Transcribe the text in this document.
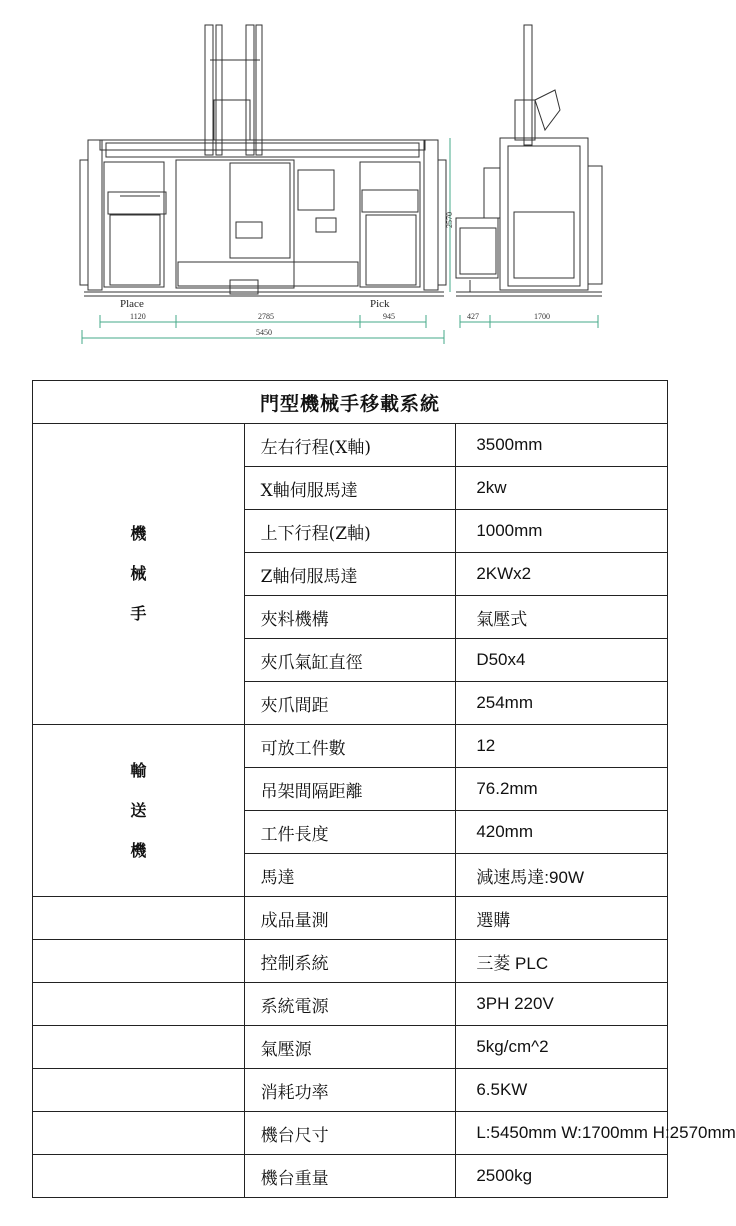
Place	Pick
1120	2785	945
5450
2570
427	1700
門型機械手移載系統		

機
械
手	左右行程(X軸)	3500mm
	X軸伺服馬達	2kw
	上下行程(Z軸)	1000mm
	Z軸伺服馬達	2KWx2
	夾料機構	氣壓式
	夾爪氣缸直徑	D50x4
	夾爪間距	254mm

輸
送
機	可放工件數	12
	吊架間隔距離	76.2mm
	工件長度	420mm
	馬達	減速馬達:90W
	成品量測	選購
	控制系統	三菱 PLC
	系統電源	3PH 220V
	氣壓源	5kg/cm^2
	消耗功率	6.5KW
	機台尺寸	L:5450mm W:1700mm H:2570mm
	機台重量	2500kg
